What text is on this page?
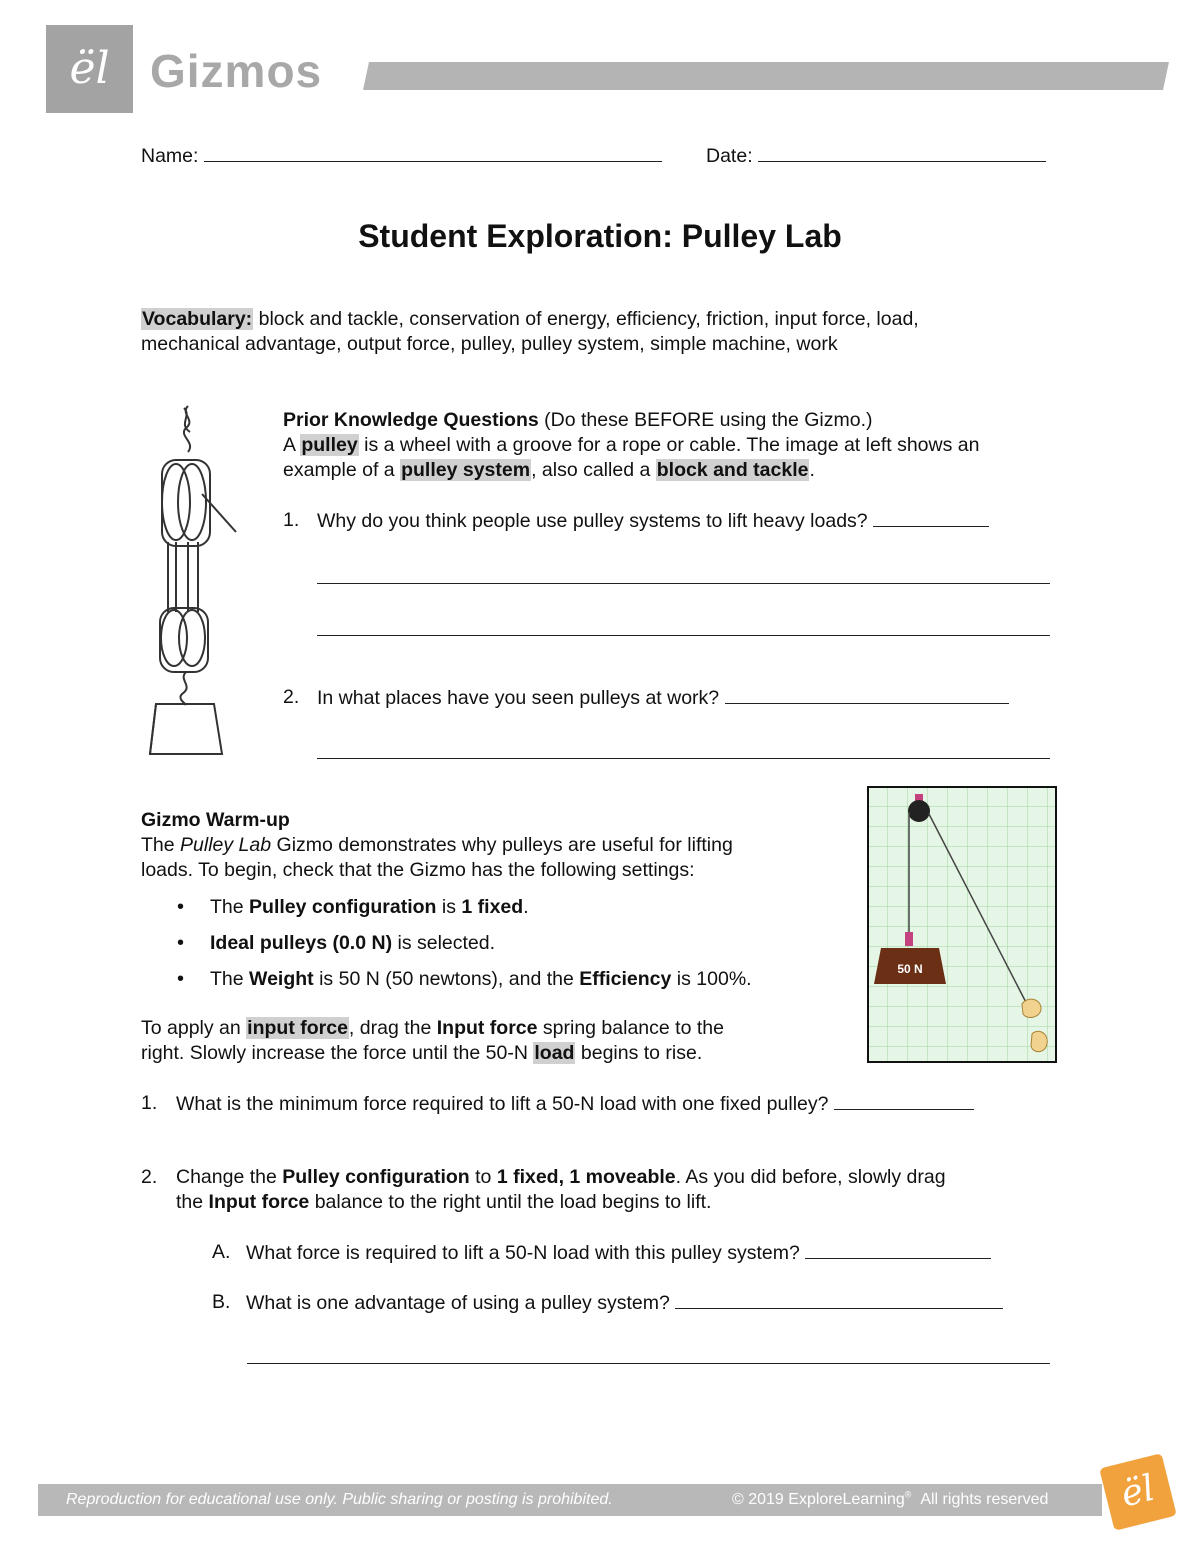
ël Gizmos
Name:	Date:
Student Exploration: Pulley Lab
Vocabulary: block and tackle, conservation of energy, efficiency, friction, input force, load,
mechanical advantage, output force, pulley, pulley system, simple machine, work
Prior Knowledge Questions (Do these BEFORE using the Gizmo.)
A pulley is a wheel with a groove for a rope or cable. The image at left shows an
example of a pulley system, also called a block and tackle.
1. Why do you think people use pulley systems to lift heavy loads?
2. In what places have you seen pulleys at work?
Gizmo Warm-up
The Pulley Lab Gizmo demonstrates why pulleys are useful for lifting
loads. To begin, check that the Gizmo has the following settings:
• The Pulley configuration is 1 fixed.
• Ideal pulleys (0.0 N) is selected.
• The Weight is 50 N (50 newtons), and the Efficiency is 100%.
To apply an input force, drag the Input force spring balance to the
right. Slowly increase the force until the 50-N load begins to rise.
50 N
1. What is the minimum force required to lift a 50-N load with one fixed pulley?
2. Change the Pulley configuration to 1 fixed, 1 moveable. As you did before, slowly drag
the Input force balance to the right until the load begins to lift.
A. What force is required to lift a 50-N load with this pulley system?
B. What is one advantage of using a pulley system?
Reproduction for educational use only. Public sharing or posting is prohibited.	© 2019 ExploreLearning® All rights reserved	ël
